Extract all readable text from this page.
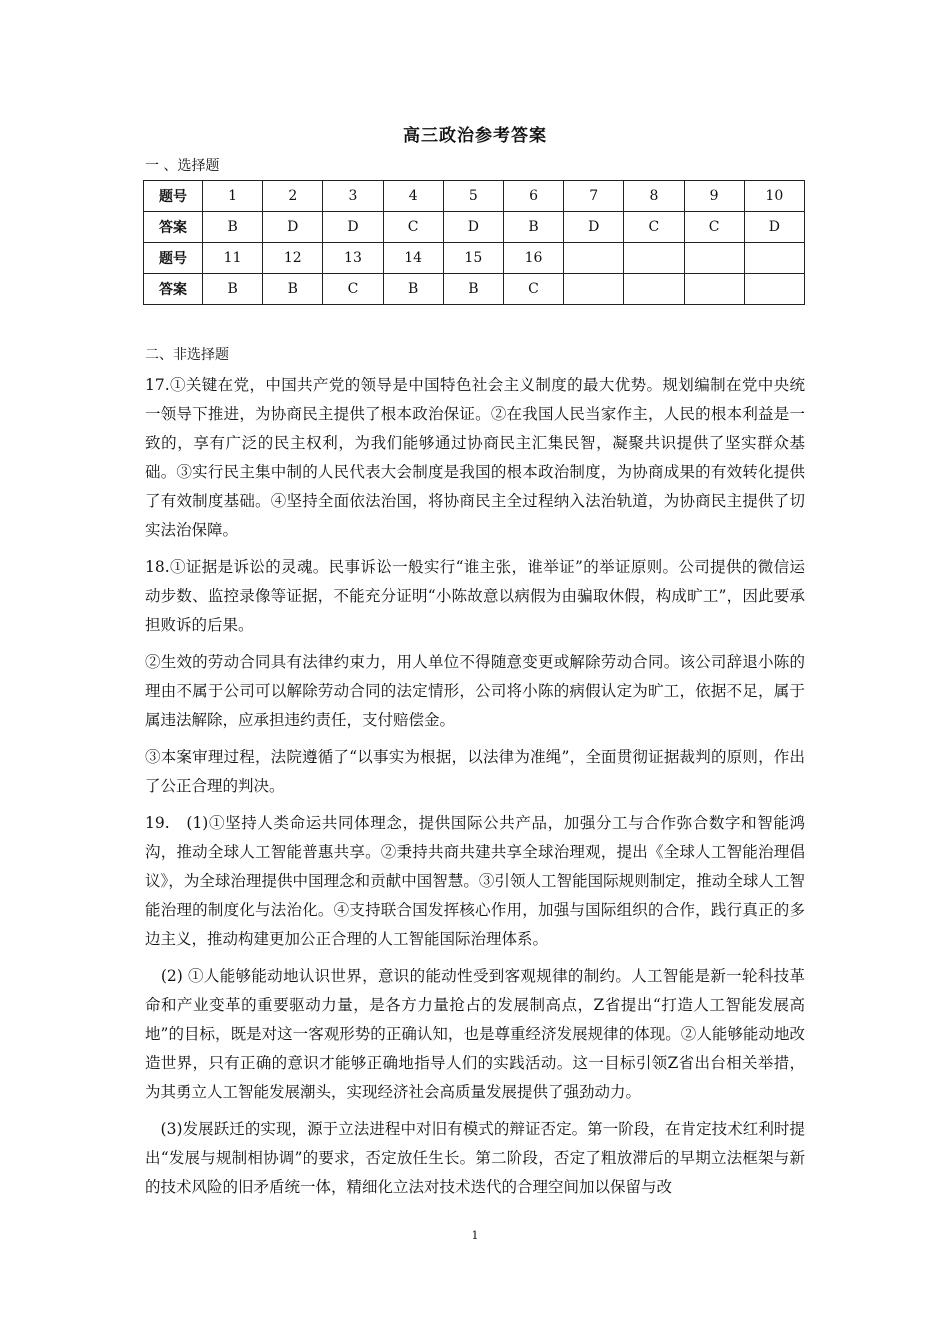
高三政治参考答案
一 、选择题
题号	1	2	3	4	5	6	7	8	9	10
答案	B	D	D	C	D	B	D	C	C	D
题号	11	12	13	14	15	16				
答案	B	B	C	B	B	C				
二、非选择题

17.①关键在党，中国共产党的领导是中国特色社会主义制度的最大优势。规划编制在党中央统一领导下推进，为协商民主提供了根本政治保证。②在我国人民当家作主，人民的根本利益是一致的，享有广泛的民主权利，为我们能够通过协商民主汇集民智，凝聚共识提供了坚实群众基础。③实行民主集中制的人民代表大会制度是我国的根本政治制度，为协商成果的有效转化提供了有效制度基础。④坚持全面依法治国，将协商民主全过程纳入法治轨道，为协商民主提供了切实法治保障。

18.①证据是诉讼的灵魂。民事诉讼一般实行“谁主张，谁举证”的举证原则。公司提供的微信运动步数、监控录像等证据，不能充分证明“小陈故意以病假为由骗取休假，构成旷工”，因此要承担败诉的后果。

②生效的劳动合同具有法律约束力，用人单位不得随意变更或解除劳动合同。该公司辞退小陈的理由不属于公司可以解除劳动合同的法定情形，公司将小陈的病假认定为旷工，依据不足，属于属违法解除，应承担违约责任，支付赔偿金。

③本案审理过程，法院遵循了“以事实为根据，以法律为准绳”，全面贯彻证据裁判的原则，作出了公正合理的判决。

19.　(1)①坚持人类命运共同体理念，提供国际公共产品，加强分工与合作弥合数字和智能鸿沟，推动全球人工智能普惠共享。②秉持共商共建共享全球治理观，提出《全球人工智能治理倡议》，为全球治理提供中国理念和贡献中国智慧。③引领人工智能国际规则制定，推动全球人工智能治理的制度化与法治化。④支持联合国发挥核心作用，加强与国际组织的合作，践行真正的多边主义，推动构建更加公正合理的人工智能国际治理体系。

　(2) ①人能够能动地认识世界，意识的能动性受到客观规律的制约。人工智能是新一轮科技革命和产业变革的重要驱动力量，是各方力量抢占的发展制高点，Z省提出“打造人工智能发展高地”的目标，既是对这一客观形势的正确认知，也是尊重经济发展规律的体现。②人能够能动地改造世界，只有正确的意识才能够正确地指导人们的实践活动。这一目标引领Z省出台相关举措，为其勇立人工智能发展潮头，实现经济社会高质量发展提供了强劲动力。

　(3)发展跃迁的实现，源于立法进程中对旧有模式的辩证否定。第一阶段，在肯定技术红利时提出“发展与规制相协调”的要求，否定放任生长。第二阶段，否定了粗放滞后的早期立法框架与新的技术风险的旧矛盾统一体，精细化立法对技术迭代的合理空间加以保留与改

1
